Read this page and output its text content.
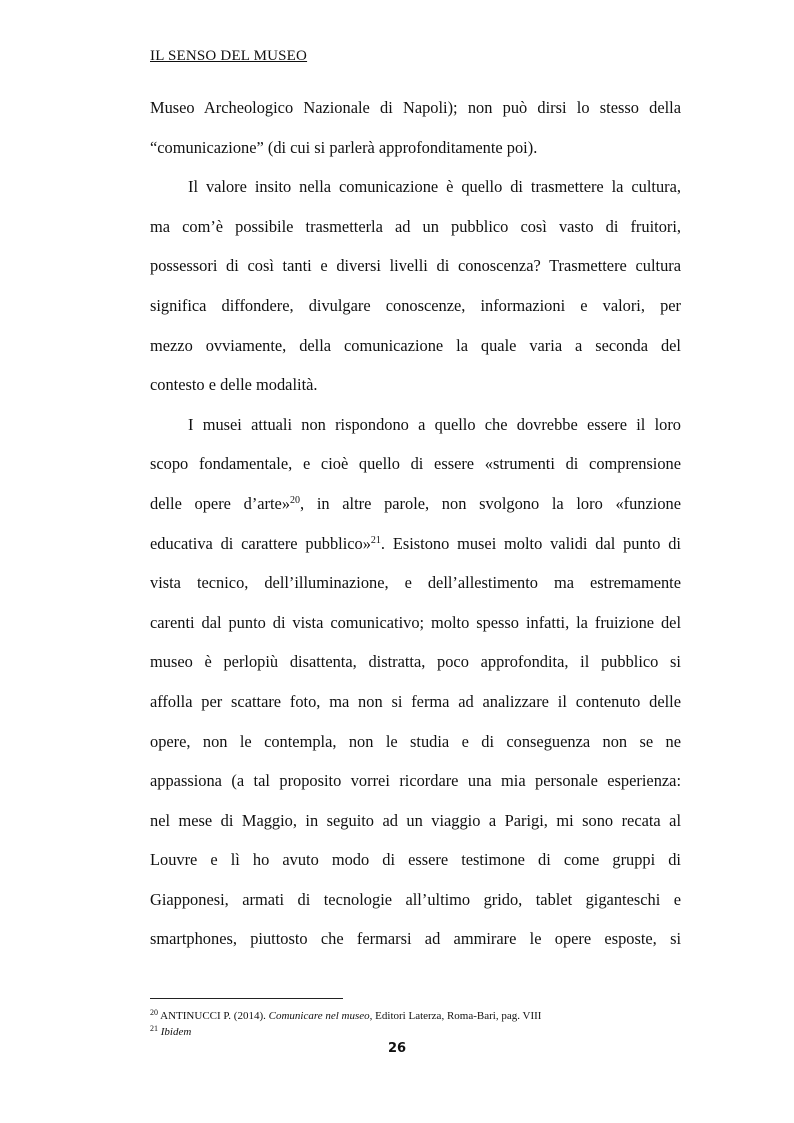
IL SENSO DEL MUSEO
Museo Archeologico Nazionale di Napoli); non può dirsi lo stesso della
“comunicazione” (di cui si parlerà approfonditamente poi).
Il valore insito nella comunicazione è quello di trasmettere la cultura,
ma com’è possibile trasmetterla ad un pubblico così vasto di fruitori,
possessori di così tanti e diversi livelli di conoscenza? Trasmettere cultura
significa diffondere, divulgare conoscenze, informazioni e valori, per
mezzo ovviamente, della comunicazione la quale varia a seconda del
contesto e delle modalità.
I musei attuali non rispondono a quello che dovrebbe essere il loro
scopo fondamentale, e cioè quello di essere «strumenti di comprensione
delle opere d’arte»$^{20}$, in altre parole, non svolgono la loro «funzione
educativa di carattere pubblico»$^{21}$. Esistono musei molto validi dal punto di
vista tecnico, dell’illuminazione, e dell’allestimento ma estremamente
carenti dal punto di vista comunicativo; molto spesso infatti, la fruizione del
museo è perlopiù disattenta, distratta, poco approfondita, il pubblico si
affolla per scattare foto, ma non si ferma ad analizzare il contenuto delle
opere, non le contempla, non le studia e di conseguenza non se ne
appassiona (a tal proposito vorrei ricordare una mia personale esperienza:
nel mese di Maggio, in seguito ad un viaggio a Parigi, mi sono recata al
Louvre e lì ho avuto modo di essere testimone di come gruppi di
Giapponesi, armati di tecnologie all’ultimo grido, tablet giganteschi e
smartphones, piuttosto che fermarsi ad ammirare le opere esposte, si
$^{20}$ ANTINUCCI P. (2014). Comunicare nel museo, Editori Laterza, Roma-Bari, pag. VIII
$^{21}$ Ibidem
26
